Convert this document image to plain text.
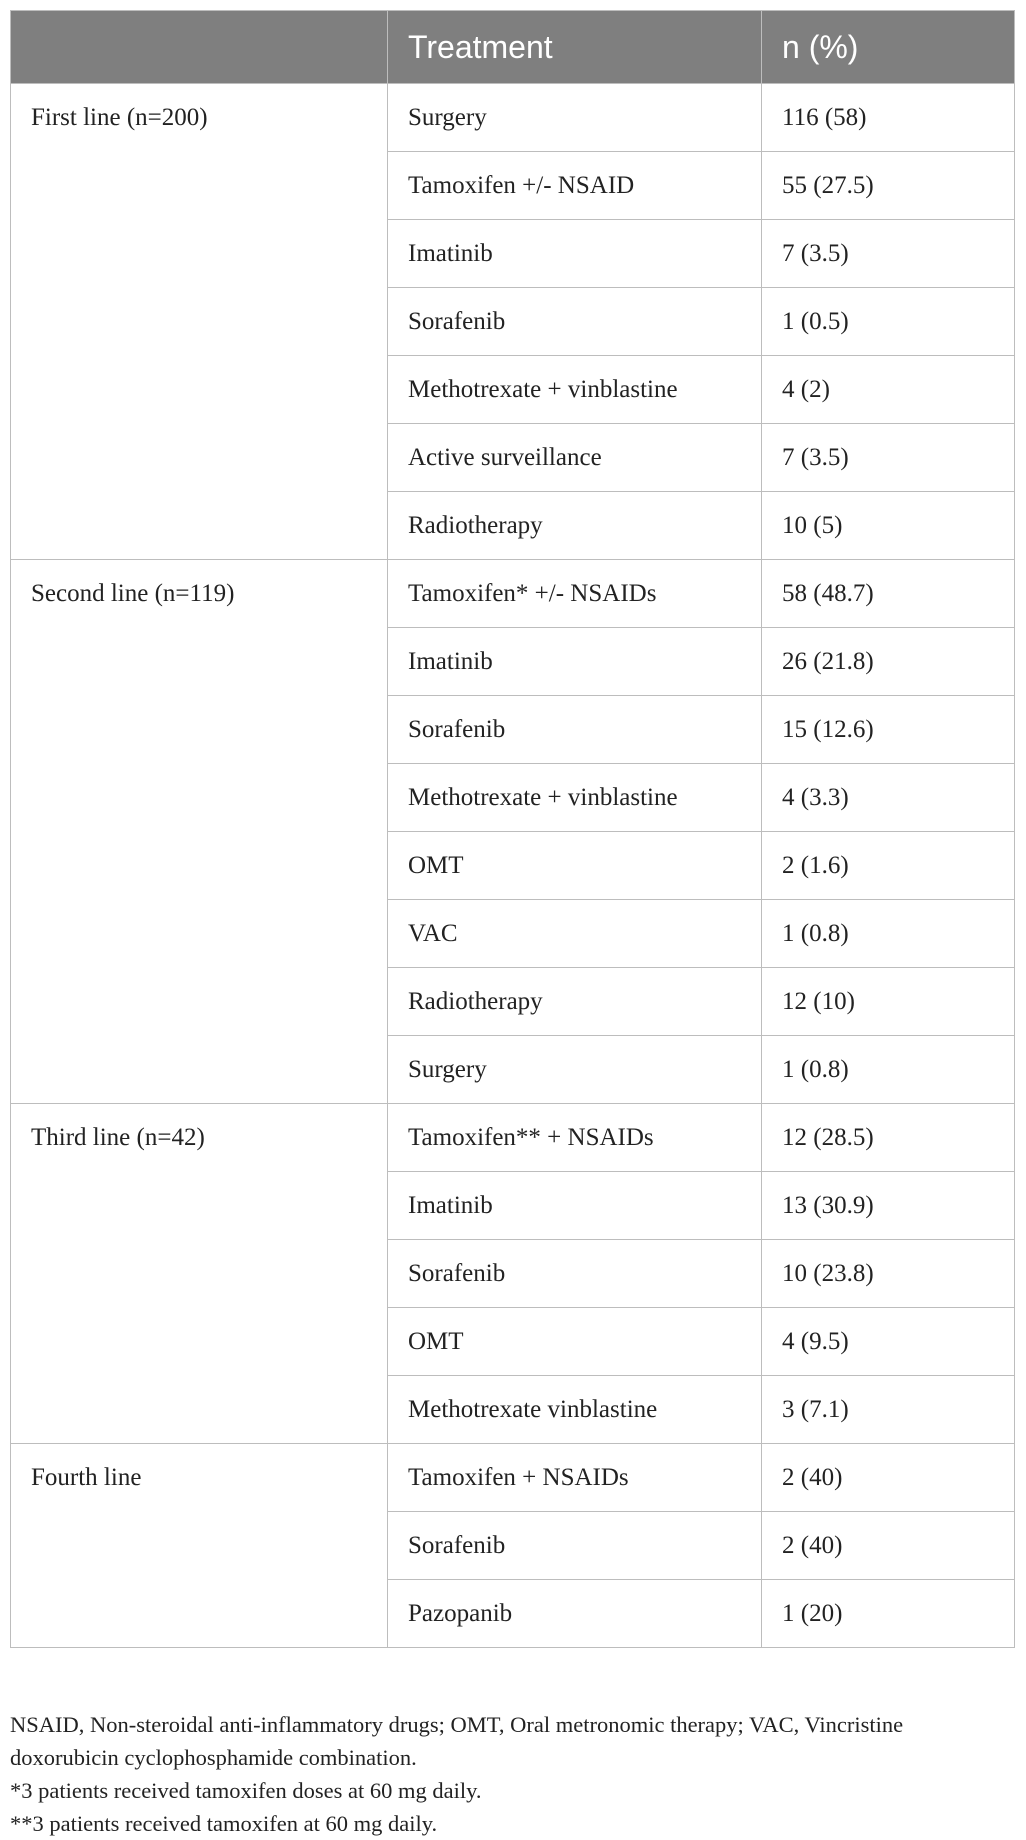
	Treatment	n (%)
First line (n=200)	Surgery	116 (58)
	Tamoxifen +/- NSAID	55 (27.5)
	Imatinib	7 (3.5)
	Sorafenib	1 (0.5)
	Methotrexate + vinblastine	4 (2)
	Active surveillance	7 (3.5)
	Radiotherapy	10 (5)
Second line (n=119)	Tamoxifen* +/- NSAIDs	58 (48.7)
	Imatinib	26 (21.8)
	Sorafenib	15 (12.6)
	Methotrexate + vinblastine	4 (3.3)
	OMT	2 (1.6)
	VAC	1 (0.8)
	Radiotherapy	12 (10)
	Surgery	1 (0.8)
Third line (n=42)	Tamoxifen** + NSAIDs	12 (28.5)
	Imatinib	13 (30.9)
	Sorafenib	10 (23.8)
	OMT	4 (9.5)
	Methotrexate vinblastine	3 (7.1)
Fourth line	Tamoxifen + NSAIDs	2 (40)
	Sorafenib	2 (40)
	Pazopanib	1 (20)

NSAID, Non-steroidal anti-inflammatory drugs; OMT, Oral metronomic therapy; VAC, Vincristine doxorubicin cyclophosphamide combination.

*3 patients received tamoxifen doses at 60 mg daily.

**3 patients received tamoxifen at 60 mg daily.
